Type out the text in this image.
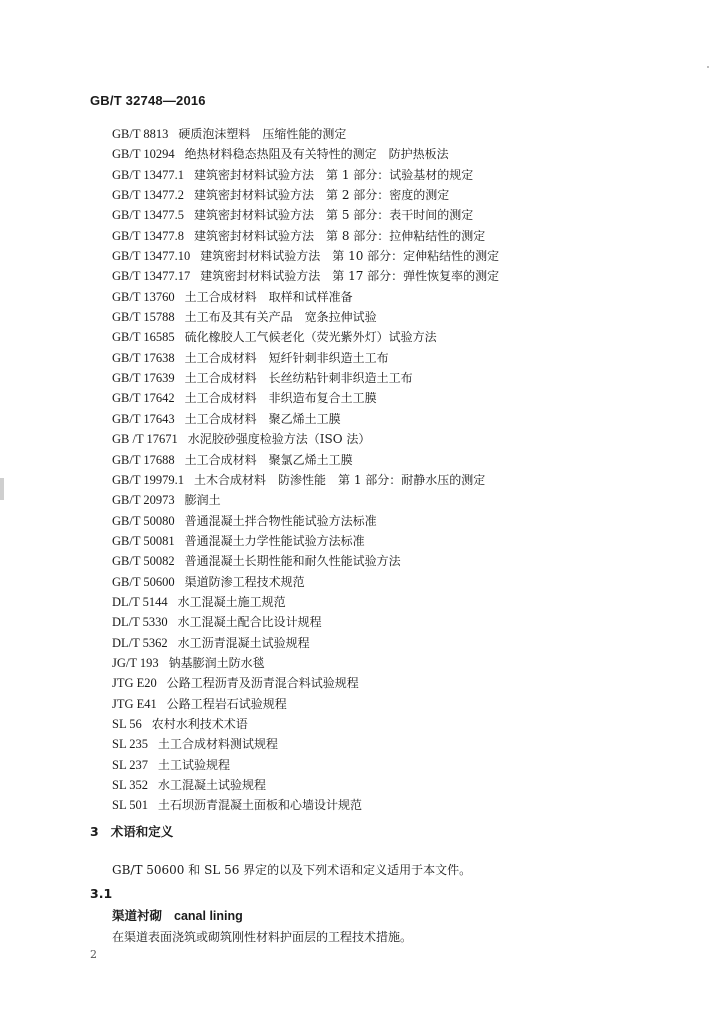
GB/T 32748—2016
GB/T 8813 硬质泡沫塑料　压缩性能的测定
GB/T 10294 绝热材料稳态热阻及有关特性的测定　防护热板法
GB/T 13477.1 建筑密封材料试验方法　第 1 部分：试验基材的规定
GB/T 13477.2 建筑密封材料试验方法　第 2 部分：密度的测定
GB/T 13477.5 建筑密封材料试验方法　第 5 部分：表干时间的测定
GB/T 13477.8 建筑密封材料试验方法　第 8 部分：拉伸粘结性的测定
GB/T 13477.10 建筑密封材料试验方法　第 10 部分：定伸粘结性的测定
GB/T 13477.17 建筑密封材料试验方法　第 17 部分：弹性恢复率的测定
GB/T 13760 土工合成材料　取样和试样准备
GB/T 15788 土工布及其有关产品　宽条拉伸试验
GB/T 16585 硫化橡胶人工气候老化（荧光紫外灯）试验方法
GB/T 17638 土工合成材料　短纤针刺非织造土工布
GB/T 17639 土工合成材料　长丝纺粘针刺非织造土工布
GB/T 17642 土工合成材料　非织造布复合土工膜
GB/T 17643 土工合成材料　聚乙烯土工膜
GB /T 17671 水泥胶砂强度检验方法（ISO 法）
GB/T 17688 土工合成材料　聚氯乙烯土工膜
GB/T 19979.1 土木合成材料　防渗性能　第 1 部分：耐静水压的测定
GB/T 20973 膨润土
GB/T 50080 普通混凝土拌合物性能试验方法标准
GB/T 50081 普通混凝土力学性能试验方法标准
GB/T 50082 普通混凝土长期性能和耐久性能试验方法
GB/T 50600 渠道防渗工程技术规范
DL/T 5144 水工混凝土施工规范
DL/T 5330 水工混凝土配合比设计规程
DL/T 5362 水工沥青混凝土试验规程
JG/T 193 钠基膨润土防水毯
JTG E20 公路工程沥青及沥青混合料试验规程
JTG E41 公路工程岩石试验规程
SL 56 农村水利技术术语
SL 235 土工合成材料测试规程
SL 237 土工试验规程
SL 352 水工混凝土试验规程
SL 501 土石坝沥青混凝土面板和心墙设计规范
3 术语和定义
GB/T 50600 和 SL 56 界定的以及下列术语和定义适用于本文件。
3.1
渠道衬砌 canal lining
在渠道表面浇筑或砌筑刚性材料护面层的工程技术措施。
2
